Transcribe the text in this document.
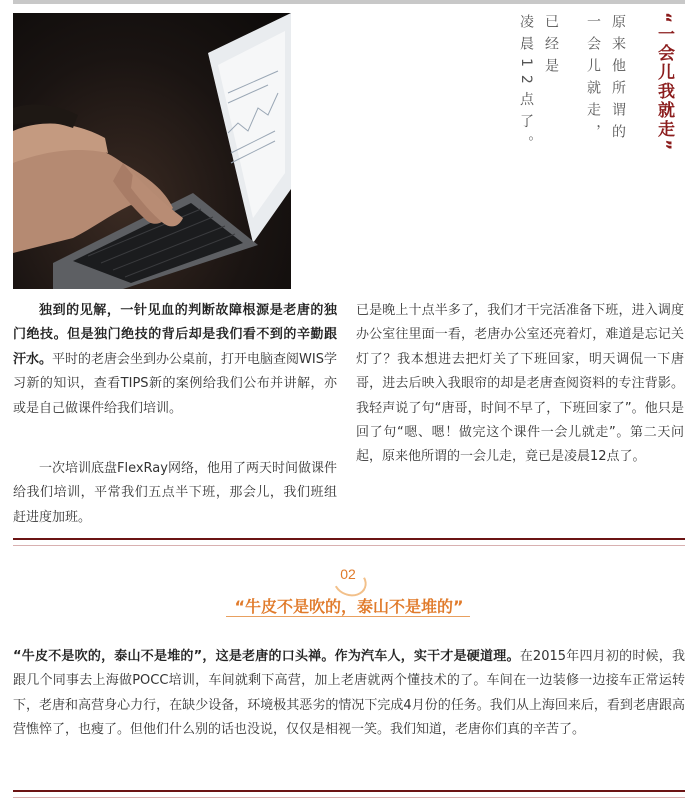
“一会儿我就走”
原来他所谓的
一会儿就走，
已经是
凌晨12点了。
独到的见解，一针见血的判断故障根源是老唐的独门绝技。但是独门绝技的背后却是我们看不到的辛勤跟汗水。平时的老唐会坐到办公桌前，打开电脑查阅WIS学习新的知识，查看TIPS新的案例给我们公布并讲解，亦或是自己做课件给我们培训。
一次培训底盘FlexRay网络，他用了两天时间做课件给我们培训，平常我们五点半下班，那会儿，我们班组赶进度加班。
已是晚上十点半多了，我们才干完活准备下班，进入调度办公室往里面一看，老唐办公室还亮着灯，难道是忘记关灯了？我本想进去把灯关了下班回家，明天调侃一下唐哥，进去后映入我眼帘的却是老唐查阅资料的专注背影。我轻声说了句“唐哥，时间不早了，下班回家了”。他只是回了句“嗯、嗯！做完这个课件一会儿就走”。第二天问起，原来他所谓的一会儿走，竟已是凌晨12点了。
02
“牛皮不是吹的，泰山不是堆的”
“牛皮不是吹的，泰山不是堆的”，这是老唐的口头禅。作为汽车人，实干才是硬道理。在2015年四月初的时候，我跟几个同事去上海做POCC培训，车间就剩下高营，加上老唐就两个懂技术的了。车间在一边装修一边接车正常运转下，老唐和高营身心力行，在缺少设备，环境极其恶劣的情况下完成4月份的任务。我们从上海回来后，看到老唐跟高营憔悴了，也瘦了。但他们什么别的话也没说，仅仅是相视一笑。我们知道，老唐你们真的辛苦了。
